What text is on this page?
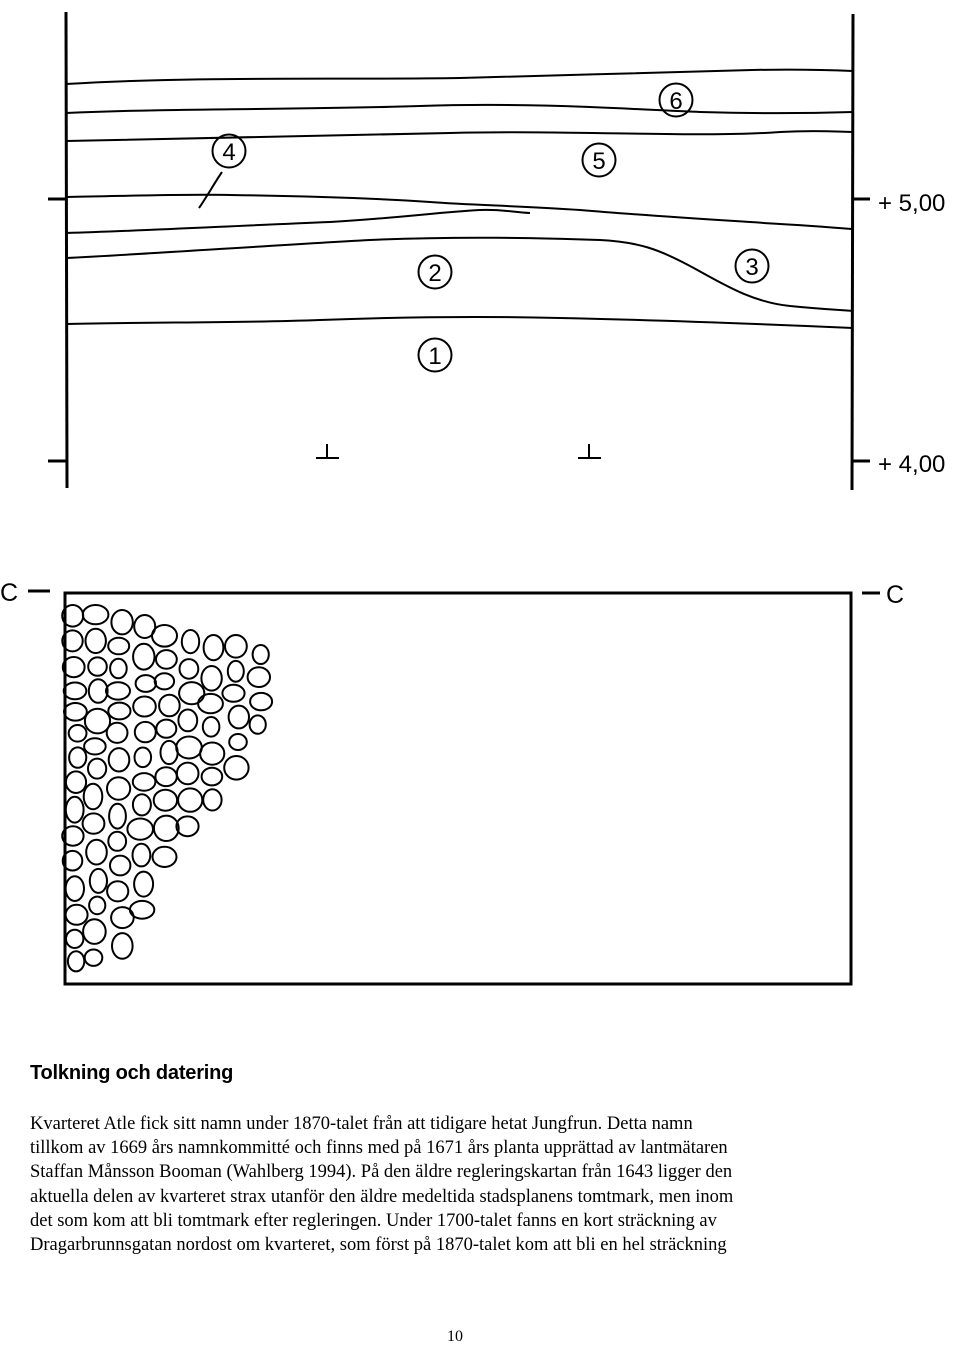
1
2	3
4	5
6
+ 5,00
+ 4,00
C	C
Tolkning och datering

Kvarteret Atle fick sitt namn under 1870-talet från att tidigare hetat Jungfrun. Detta namn
tillkom av 1669 års namnkommitté och finns med på 1671 års planta upprättad av lantmätaren
Staffan Månsson Booman (Wahlberg 1994). På den äldre regleringskartan från 1643 ligger den
aktuella delen av kvarteret strax utanför den äldre medeltida stadsplanens tomtmark, men inom
det som kom att bli tomtmark efter regleringen. Under 1700-talet fanns en kort sträckning av
Dragarbrunnsgatan nordost om kvarteret, som först på 1870-talet kom att bli en hel sträckning

10
